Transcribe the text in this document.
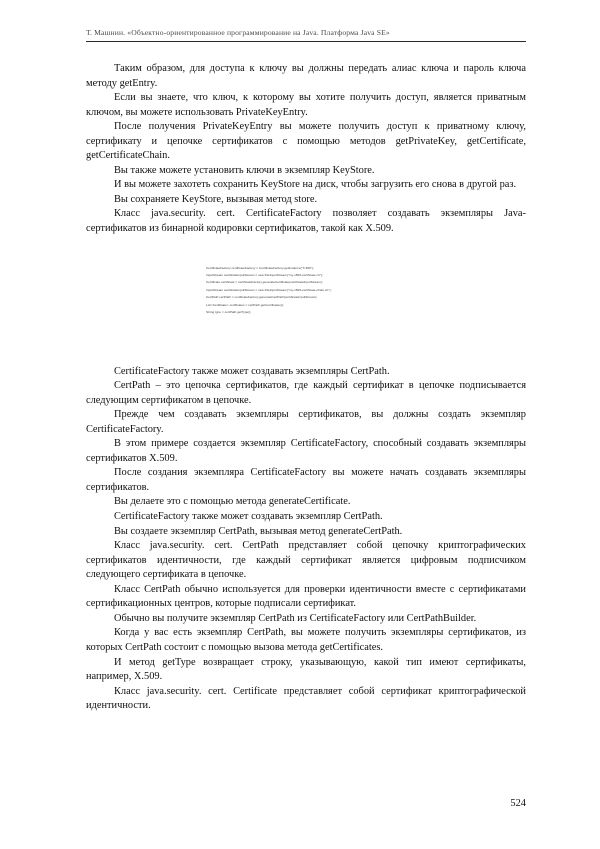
Т. Машнин. «Объектно-ориентированное программирование на Java. Платформа Java SE»

Таким образом, для доступа к ключу вы должны передать алиас ключа и пароль ключа методу getEntry.

Если вы знаете, что ключ, к которому вы хотите получить доступ, является приватным ключом, вы можете использовать PrivateKeyEntry.

После получения PrivateKeyEntry вы можете получить доступ к приватному ключу, сертификату и цепочке сертификатов с помощью методов getPrivateKey, getCertificate, getCertificateChain.

Вы также можете установить ключи в экземпляр KeyStore.

И вы можете захотеть сохранить KeyStore на диск, чтобы загрузить его снова в другой раз.

Вы сохраняете KeyStore, вызывая метод store.

Класс java.security. cert. CertificateFactory позволяет создавать экземпляры Java-сертификатов из бинарной кодировки сертификатов, такой как X.509.

CertificateFactory certificateFactory = CertificateFactory.getInstance("X.509");
InputStream certificateInputStream = new FileInputStream("my-x509-certificate.crt");
Certificate certificate = certificateFactory.generateCertificate(certificateInputStream);
InputStream certificateInputStream = new FileInputStream("my-x509-certificate-chain.crt");
CertPath certPath = certificateFactory.generateCertPath(certificateInputStream);
List<Certificate> certificates = certPath.getCertificates();
String type = certPath.getType();

CertificateFactory также может создавать экземпляры CertPath.

CertPath – это цепочка сертификатов, где каждый сертификат в цепочке подписывается следующим сертификатом в цепочке.

Прежде чем создавать экземпляры сертификатов, вы должны создать экземпляр CertificateFactory.

В этом примере создается экземпляр CertificateFactory, способный создавать экземпляры сертификатов X.509.

После создания экземпляра CertificateFactory вы можете начать создавать экземпляры сертификатов.

Вы делаете это с помощью метода generateCertificate.

CertificateFactory также может создавать экземпляр CertPath.

Вы создаете экземпляр CertPath, вызывая метод generateCertPath.

Класс java.security. cert. CertPath представляет собой цепочку криптографических сертификатов идентичности, где каждый сертификат является цифровым подписчиком следующего сертификата в цепочке.

Класс CertPath обычно используется для проверки идентичности вместе с сертификатами сертификационных центров, которые подписали сертификат.

Обычно вы получите экземпляр CertPath из CertificateFactory или CertPathBuilder.

Когда у вас есть экземпляр CertPath, вы можете получить экземпляры сертификатов, из которых CertPath состоит с помощью вызова метода getCertificates.

И метод getType возвращает строку, указывающую, какой тип имеют сертификаты, например, X.509.

Класс java.security. cert. Certificate представляет собой сертификат криптографической идентичности.

524
